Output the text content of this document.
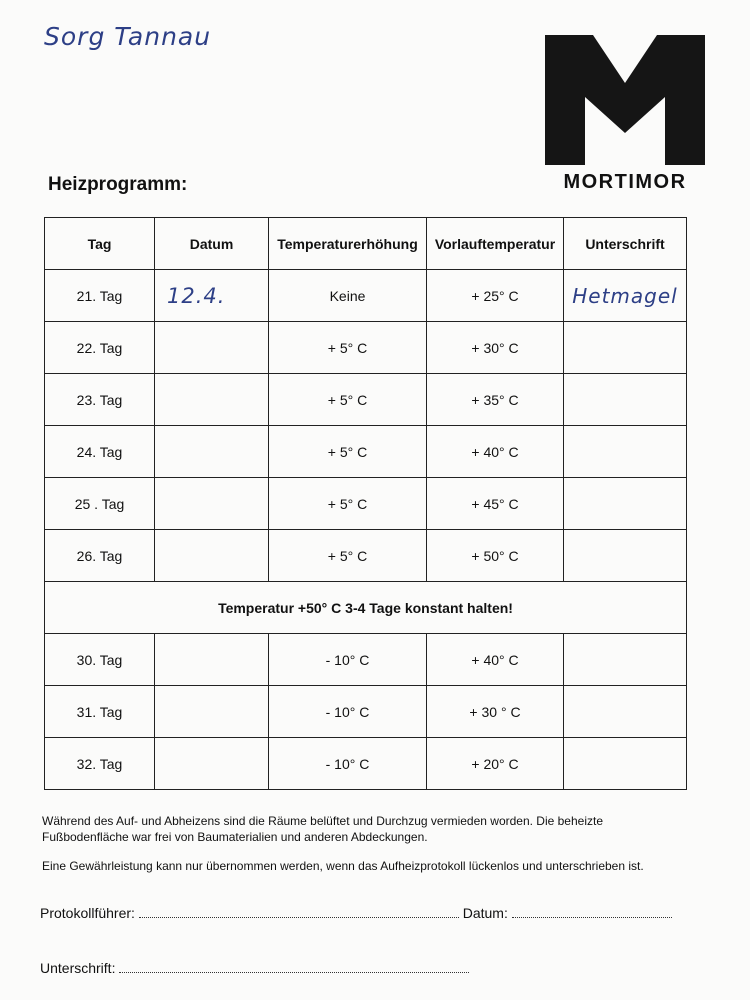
Sorg Tannau
MORTIMOR
Heizprogramm:
Tag	Datum	Temperaturerhöhung	Vorlauftemperatur	Unterschrift
21. Tag	12.4.	Keine	+ 25° C	Hetmagel
22. Tag		+ 5° C	+ 30° C	
23. Tag		+ 5° C	+ 35° C	
24. Tag		+ 5° C	+ 40° C	
25 . Tag		+ 5° C	+ 45° C	
26. Tag		+ 5° C	+ 50° C	
Temperatur +50° C 3-4 Tage konstant halten!				
30. Tag		- 10° C	+ 40° C	
31. Tag		- 10° C	+ 30 ° C	
32. Tag		- 10° C	+ 20° C	
Während des Auf- und Abheizens sind die Räume belüftet und Durchzug vermieden worden. Die beheizte Fußbodenfläche war frei von Baumaterialien und anderen Abdeckungen.
Eine Gewährleistung kann nur übernommen werden, wenn das Aufheizprotokoll lückenlos und unterschrieben ist.
Protokollführer:	Datum:
Unterschrift:
